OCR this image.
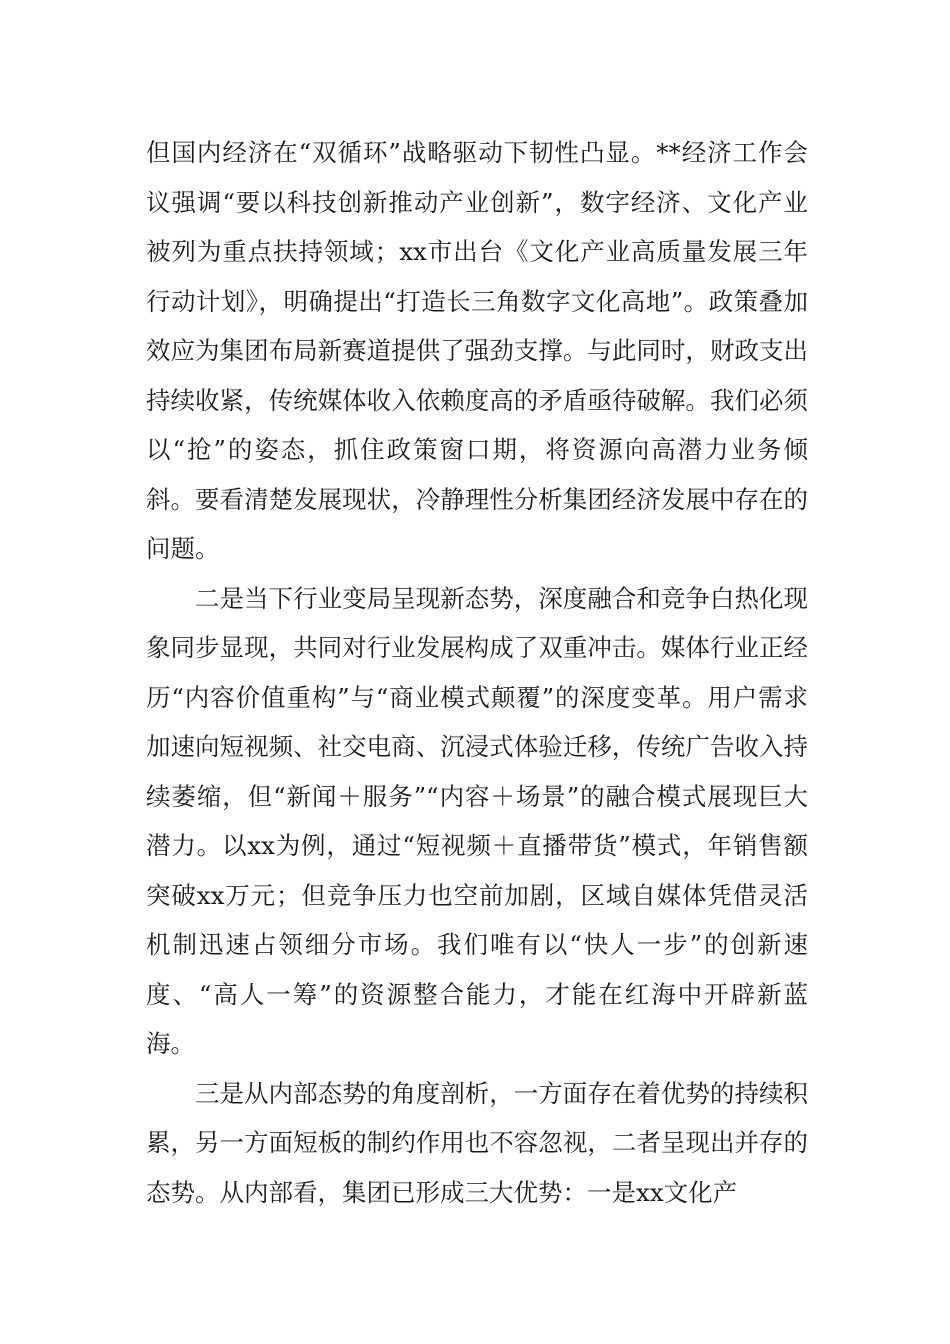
但国内经济在“双循环”战略驱动下韧性凸显。**经济工作会议强调“要以科技创新推动产业创新”，数字经济、文化产业被列为重点扶持领域；xx市出台《文化产业高质量发展三年行动计划》，明确提出“打造长三角数字文化高地”。政策叠加效应为集团布局新赛道提供了强劲支撑。与此同时，财政支出持续收紧，传统媒体收入依赖度高的矛盾亟待破解。我们必须以“抢”的姿态，抓住政策窗口期，将资源向高潜力业务倾斜。要看清楚发展现状，冷静理性分析集团经济发展中存在的问题。

二是当下行业变局呈现新态势，深度融合和竞争白热化现象同步显现，共同对行业发展构成了双重冲击。媒体行业正经历“内容价值重构”与“商业模式颠覆”的深度变革。用户需求加速向短视频、社交电商、沉浸式体验迁移，传统广告收入持续萎缩，但“新闻＋服务”“内容＋场景”的融合模式展现巨大潜力。以xx为例，通过“短视频＋直播带货”模式，年销售额突破xx万元；但竞争压力也空前加剧，区域自媒体凭借灵活机制迅速占领细分市场。我们唯有以“快人一步”的创新速度、“高人一筹”的资源整合能力，才能在红海中开辟新蓝海。

三是从内部态势的角度剖析，一方面存在着优势的持续积累，另一方面短板的制约作用也不容忽视，二者呈现出并存的态势。从内部看，集团已形成三大优势：一是xx文化产
